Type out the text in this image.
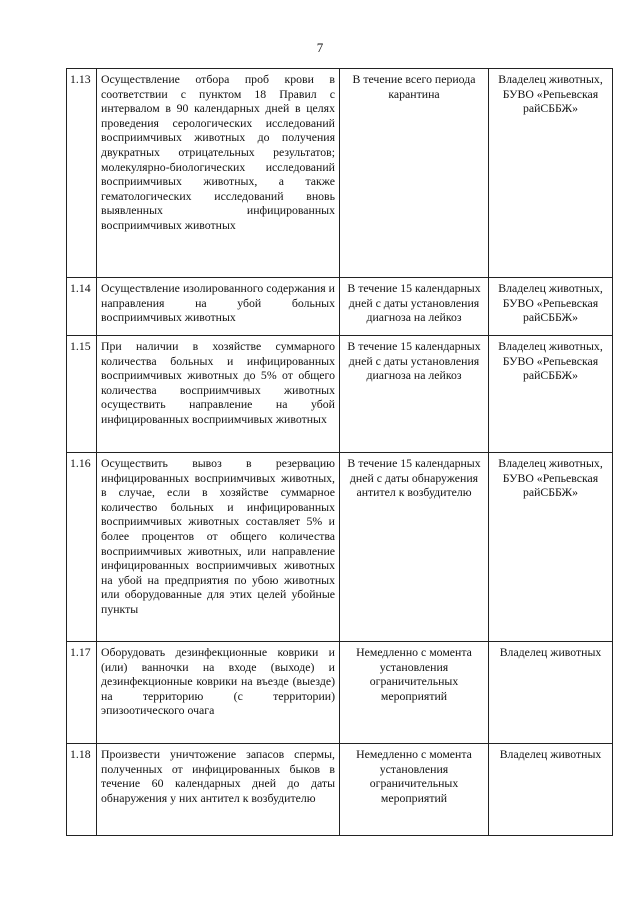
7
1.13	Осуществление отбора проб крови в соответствии с пунктом 18 Правил с интервалом в 90 календарных дней в целях проведения серологических исследований восприимчивых животных до получения двукратных отрицательных результатов; молекулярно-биологических исследований восприимчивых животных, а также гематологических исследований вновь выявленных инфицированных восприимчивых животных	В течение всего периода карантина	Владелец животных, БУВО «Репьевская райСББЖ»
1.14	Осуществление изолированного содержания и направления на убой больных восприимчивых животных	В течение 15 календарных дней с даты установления диагноза на лейкоз	Владелец животных, БУВО «Репьевская райСББЖ»
1.15	При наличии в хозяйстве суммарного количества больных и инфицированных восприимчивых животных до 5% от общего количества восприимчивых животных осуществить направление на убой инфицированных восприимчивых животных	В течение 15 календарных дней с даты установления диагноза на лейкоз	Владелец животных, БУВО «Репьевская райСББЖ»
1.16	Осуществить вывоз в резервацию инфицированных восприимчивых животных, в случае, если в хозяйстве суммарное количество больных и инфицированных восприимчивых животных составляет 5% и более процентов от общего количества восприимчивых животных, или направление инфицированных восприимчивых животных на убой на предприятия по убою животных или оборудованные для этих целей убойные пункты	В течение 15 календарных дней с даты обнаружения антител к возбудителю	Владелец животных, БУВО «Репьевская райСББЖ»
1.17	Оборудовать дезинфекционные коврики и (или) ванночки на входе (выходе) и дезинфекционные коврики на въезде (выезде) на территорию (с территории) эпизоотического очага	Немедленно с момента установления ограничительных мероприятий	Владелец животных
1.18	Произвести уничтожение запасов спермы, полученных от инфицированных быков в течение 60 календарных дней до даты обнаружения у них антител к возбудителю	Немедленно с момента установления ограничительных мероприятий	Владелец животных
